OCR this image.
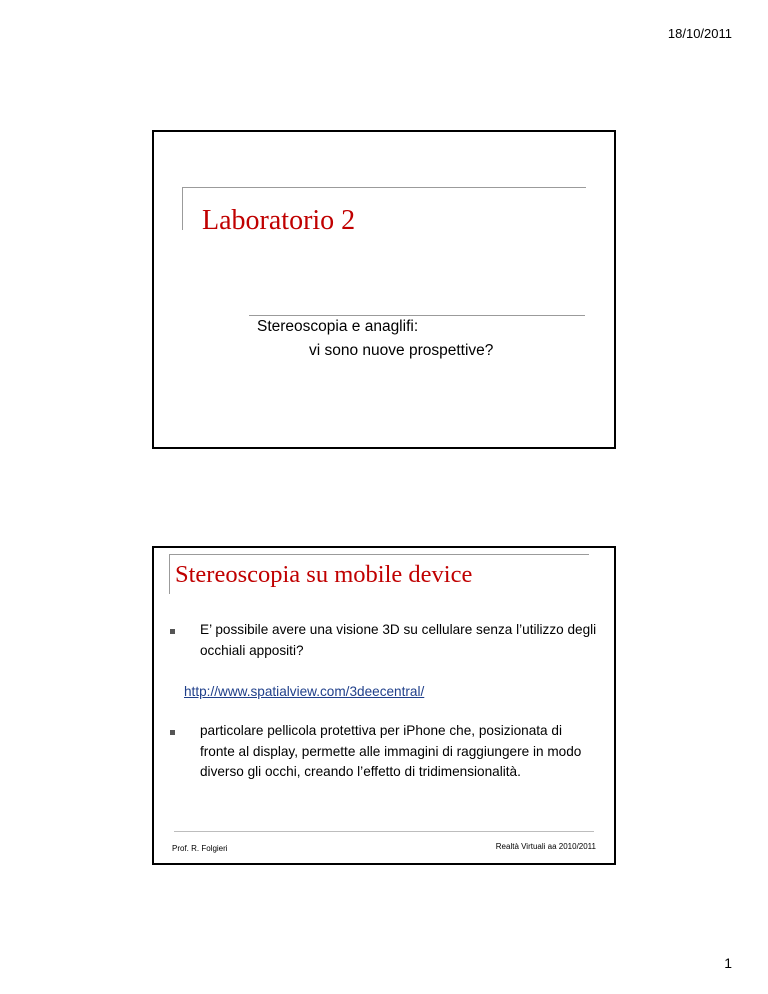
18/10/2011
Laboratorio 2
Stereoscopia e anaglifi:
vi sono nuove prospettive?
Stereoscopia su mobile device
E’ possibile avere una visione 3D su cellulare senza l’utilizzo degli occhiali appositi?
http://www.spatialview.com/3deecentral/
particolare pellicola protettiva per iPhone che, posizionata di fronte al display, permette alle immagini di raggiungere in modo diverso gli occhi, creando l’effetto di tridimensionalità.
Prof. R. Folgieri	Realtà Virtuali aa 2010/2011
1
